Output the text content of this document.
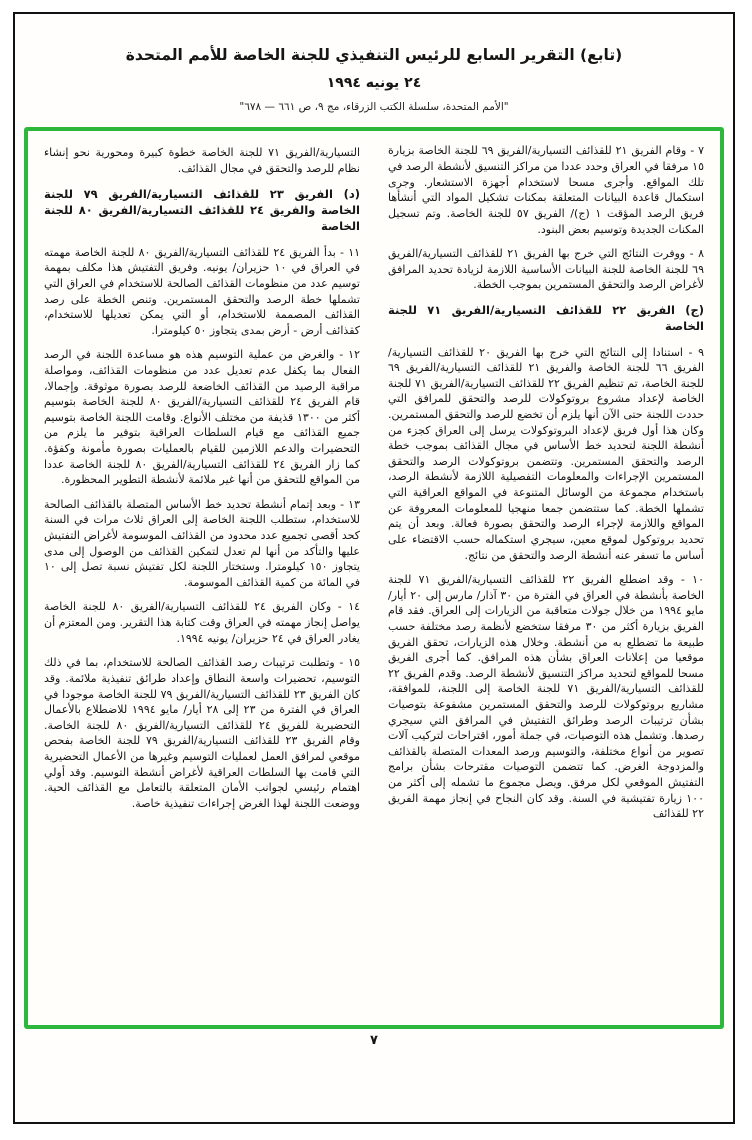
(تابع) التقرير السابع للرئيس التنفيذي للجنة الخاصة للأمم المتحدة
٢٤ يونيه ١٩٩٤
"الأمم المتحدة، سلسلة الكتب الزرقاء، مج ٩، ص ٦٦١ — ٦٧٨"

٧ - وقام الفريق ٢١ للقذائف التسيارية/الفريق ٦٩ للجنة الخاصة بزيارة ١٥ مرفقا في العراق وحدد عددا من مراكز التنسيق لأنشطة الرصد في تلك المواقع. وأجرى مسحا لاستخدام أجهزة الاستشعار. وجرى استكمال قاعدة البيانات المتعلقة بمكنات تشكيل المواد التي أنشأها فريق الرصد المؤقت ١ (ج)/ الفريق ٥٧ للجنة الخاصة. وتم تسجيل المكنات الجديدة وتوسيم بعض البنود.

٨ - ووفرت النتائج التي خرج بها الفريق ٢١ للقذائف التسيارية/الفريق ٦٩ للجنة الخاصة للجنة البيانات الأساسية اللازمة لزيادة تحديد المرافق لأغراض الرصد والتحقق المستمرين بموجب الخطة.

(ج) الفريق ٢٢ للقذائف التسيارية/الفريق ٧١ للجنة الخاصة

٩ - استنادا إلى النتائج التي خرج بها الفريق ٢٠ للقذائف التسيارية/الفريق ٦٦ للجنة الخاصة والفريق ٢١ للقذائف التسيارية/الفريق ٦٩ للجنة الخاصة، تم تنظيم الفريق ٢٢ للقذائف التسيارية/الفريق ٧١ للجنة الخاصة لإعداد مشروع بروتوكولات للرصد والتحقق للمرافق التي حددت اللجنة حتى الآن أنها يلزم أن تخضع للرصد والتحقق المستمرين. وكان هذا أول فريق لإعداد البروتوكولات يرسل إلى العراق كجزء من أنشطة اللجنة لتحديد خط الأساس في مجال القذائف بموجب خطة الرصد والتحقق المستمرين. وتتضمن بروتوكولات الرصد والتحقق المستمرين الإجراءات والمعلومات التفصيلية اللازمة لأنشطة الرصد، باستخدام مجموعة من الوسائل المتنوعة في المواقع العراقية التي تشملها الخطة. كما ستتضمن جمعا منهجيا للمعلومات المعروفة عن المواقع واللازمة لإجراء الرصد والتحقق بصورة فعالة. وبعد أن يتم تحديد بروتوكول لموقع معين، سيجري استكماله حسب الاقتضاء على أساس ما تسفر عنه أنشطة الرصد والتحقق من نتائج.

١٠ - وقد اضطلع الفريق ٢٢ للقذائف التسيارية/الفريق ٧١ للجنة الخاصة بأنشطة في العراق في الفترة من ٣٠ آذار/ مارس إلى ٢٠ أيار/ مايو ١٩٩٤ من خلال جولات متعاقبة من الزيارات إلى العراق. فقد قام الفريق بزيارة أكثر من ٣٠ مرفقا ستخضع لأنظمة رصد مختلفة حسب طبيعة ما تضطلع به من أنشطة. وخلال هذه الزيارات، تحقق الفريق موقعيا من إعلانات العراق بشأن هذه المرافق. كما أجرى الفريق مسحا للمواقع لتحديد مراكز التنسيق لأنشطة الرصد. وقدم الفريق ٢٢ للقذائف التسيارية/الفريق ٧١ للجنة الخاصة إلى اللجنة، للموافقة، مشاريع بروتوكولات للرصد والتحقق المستمرين مشفوعة بتوصيات بشأن ترتيبات الرصد وطرائق التفتيش في المرافق التي سيجري رصدها. وتشمل هذه التوصيات، في جملة أمور، اقتراحات لتركيب آلات تصوير من أنواع مختلفة، والتوسيم ورصد المعدات المتصلة بالقذائف والمزدوجة الغرض. كما تتضمن التوصيات مقترحات بشأن برامج التفتيش الموقعي لكل مرفق. ويصل مجموع ما تشمله إلى أكثر من ١٠٠ زيارة تفتيشية في السنة. وقد كان النجاح في إنجاز مهمة الفريق ٢٢ للقذائف

التسيارية/الفريق ٧١ للجنة الخاصة خطوة كبيرة ومحورية نحو إنشاء نظام للرصد والتحقق في مجال القذائف.

(د) الفريق ٢٣ للقذائف التسيارية/الفريق ٧٩ للجنة الخاصة والفريق ٢٤ للقذائف التسيارية/الفريق ٨٠ للجنة الخاصة

١١ - بدأ الفريق ٢٤ للقذائف التسيارية/الفريق ٨٠ للجنة الخاصة مهمته في العراق في ١٠ حزيران/ يونيه. وفريق التفتيش هذا مكلف بمهمة توسيم عدد من منظومات القذائف الصالحة للاستخدام في العراق التي تشملها خطة الرصد والتحقق المستمرين. وتنص الخطة على رصد القذائف المصممة للاستخدام، أو التي يمكن تعديلها للاستخدام، كقذائف أرض - أرض بمدى يتجاوز ٥٠ كيلومترا.

١٢ - والغرض من عملية التوسيم هذه هو مساعدة اللجنة في الرصد الفعال بما يكفل عدم تعديل عدد من منظومات القذائف، ومواصلة مراقبة الرصيد من القذائف الخاضعة للرصد بصورة موثوقة. وإجمالا، قام الفريق ٢٤ للقذائف التسيارية/الفريق ٨٠ للجنة الخاصة بتوسيم أكثر من ١٣٠٠ قذيفة من مختلف الأنواع. وقامت اللجنة الخاصة بتوسيم جميع القذائف مع قيام السلطات العراقية بتوفير ما يلزم من التحضيرات والدعم اللازمين للقيام بالعمليات بصورة مأمونة وكفؤة. كما زار الفريق ٢٤ للقذائف التسيارية/الفريق ٨٠ للجنة الخاصة عددا من المواقع للتحقق من أنها غير ملائمة لأنشطة التطوير المحظورة.

١٣ - وبعد إتمام أنشطة تحديد خط الأساس المتصلة بالقذائف الصالحة للاستخدام، ستطلب اللجنة الخاصة إلى العراق ثلاث مرات في السنة كحد أقصى تجميع عدد محدود من القذائف الموسومة لأغراض التفتيش عليها والتأكد من أنها لم تعدل لتمكين القذائف من الوصول إلى مدى يتجاوز ١٥٠ كيلومترا. وستختار اللجنة لكل تفتيش نسبة تصل إلى ١٠ في المائة من كمية القذائف الموسومة.

١٤ - وكان الفريق ٢٤ للقذائف التسيارية/الفريق ٨٠ للجنة الخاصة يواصل إنجاز مهمته في العراق وقت كتابة هذا التقرير. ومن المعتزم أن يغادر العراق في ٢٤ حزيران/ يونيه ١٩٩٤.

١٥ - وتطلبت ترتيبات رصد القذائف الصالحة للاستخدام، بما في ذلك التوسيم، تحضيرات واسعة النطاق وإعداد طرائق تنفيذية ملائمة. وقد كان الفريق ٢٣ للقذائف التسيارية/الفريق ٧٩ للجنة الخاصة موجودا في العراق في الفترة من ٢٣ إلى ٢٨ أيار/ مايو ١٩٩٤ للاضطلاع بالأعمال التحضيرية للفريق ٢٤ للقذائف التسيارية/الفريق ٨٠ للجنة الخاصة. وقام الفريق ٢٣ للقذائف التسيارية/الفريق ٧٩ للجنة الخاصة بفحص موقعي لمرافق العمل لعمليات التوسيم وغيرها من الأعمال التحضيرية التي قامت بها السلطات العراقية لأغراض أنشطة التوسيم. وقد أولي اهتمام رئيسي لجوانب الأمان المتعلقة بالتعامل مع القذائف الحية. ووضعت اللجنة لهذا الغرض إجراءات تنفيذية خاصة.

٧
